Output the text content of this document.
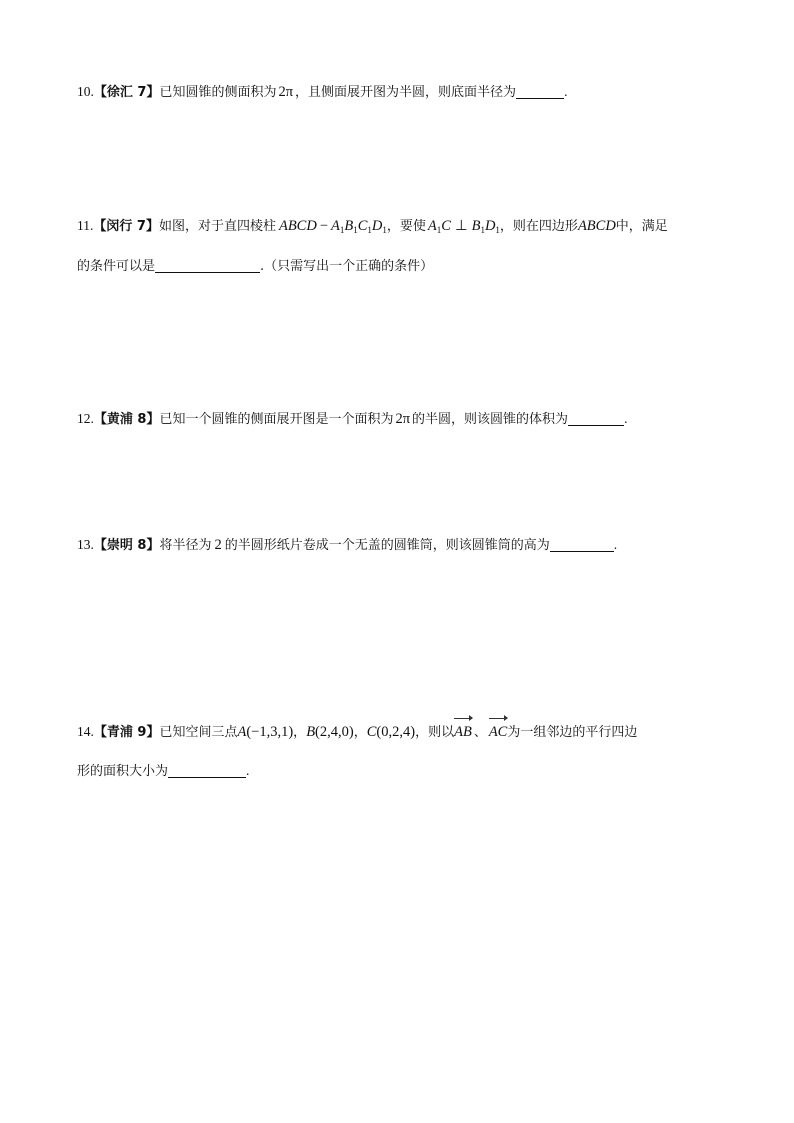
10.【徐汇 7】已知圆锥的侧面积为 2π ，且侧面展开图为半圆，则底面半径为	.
11.【闵行 7】如图，对于直四棱柱 ABCD − $A_1B_1C_1D_1$，要使 $A_1C$ ⊥ $B_1D_1$，则在四边形ABCD中，满足
的条件可以是	.（只需写出一个正确的条件）
12.【黄浦 8】已知一个圆锥的侧面展开图是一个面积为 2π 的半圆，则该圆锥的体积为	.
13.【崇明 8】将半径为 2 的半圆形纸片卷成一个无盖的圆锥筒，则该圆锥筒的高为	.
14.【青浦 9】已知空间三点A(−1,3,1)，B(2,4,0)，C(0,2,4)，则以
AB 、 AC为一组邻边的平行四边
形的面积大小为	.
